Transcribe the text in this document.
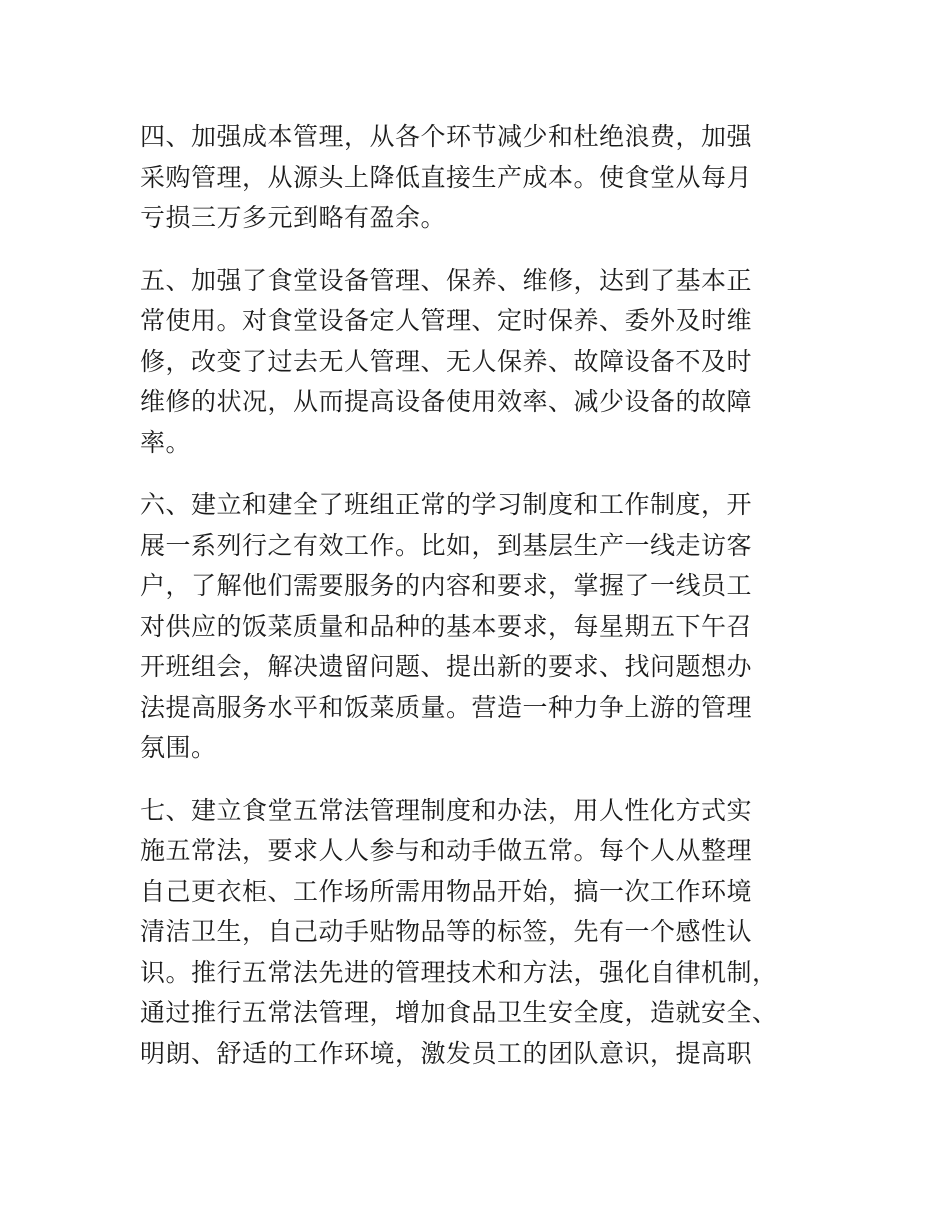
四、加强成本管理，从各个环节减少和杜绝浪费，加强
采购管理，从源头上降低直接生产成本。使食堂从每月
亏损三万多元到略有盈余。

五、加强了食堂设备管理、保养、维修，达到了基本正
常使用。对食堂设备定人管理、定时保养、委外及时维
修，改变了过去无人管理、无人保养、故障设备不及时
维修的状况，从而提高设备使用效率、减少设备的故障
率。

六、建立和建全了班组正常的学习制度和工作制度，开
展一系列行之有效工作。比如，到基层生产一线走访客
户，了解他们需要服务的内容和要求，掌握了一线员工
对供应的饭菜质量和品种的基本要求，每星期五下午召
开班组会，解决遗留问题、提出新的要求、找问题想办
法提高服务水平和饭菜质量。营造一种力争上游的管理
氛围。

七、建立食堂五常法管理制度和办法，用人性化方式实
施五常法，要求人人参与和动手做五常。每个人从整理
自己更衣柜、工作场所需用物品开始，搞一次工作环境
清洁卫生，自己动手贴物品等的标签，先有一个感性认
识。推行五常法先进的管理技术和方法，强化自律机制，
通过推行五常法管理，增加食品卫生安全度，造就安全、
明朗、舒适的工作环境，激发员工的团队意识，提高职
